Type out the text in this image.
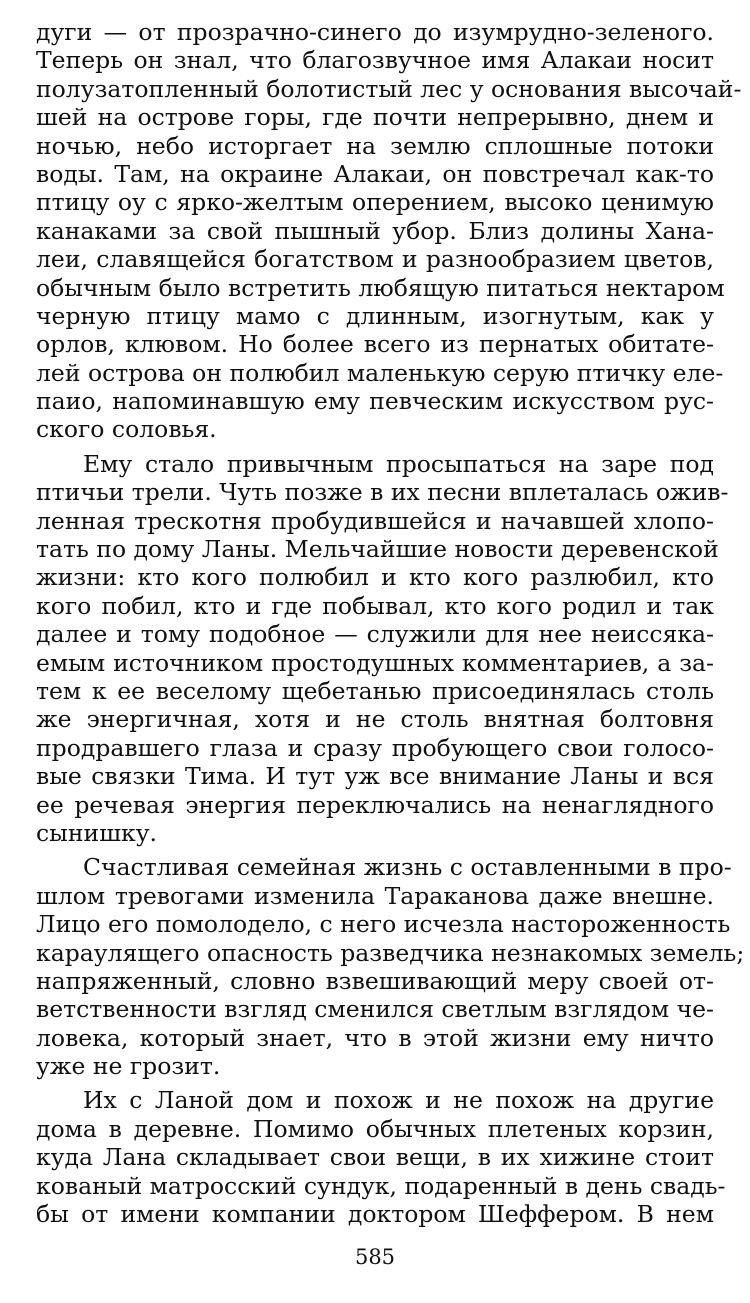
дуги — от прозрачно-синего до изумрудно-зеленого.
Теперь он знал, что благозвучное имя Алакаи носит
полузатопленный болотистый лес у основания высочай-
шей на острове горы, где почти непрерывно, днем и
ночью, небо исторгает на землю сплошные потоки
воды. Там, на окраине Алакаи, он повстречал как-то
птицу оу с ярко-желтым оперением, высоко ценимую
канаками за свой пышный убор. Близ долины Хана-
леи, славящейся богатством и разнообразием цветов,
обычным было встретить любящую питаться нектаром
черную птицу мамо с длинным, изогнутым, как у
орлов, клювом. Но более всего из пернатых обитате-
лей острова он полюбил маленькую серую птичку еле-
паио, напоминавшую ему певческим искусством рус-
ского соловья.
Ему стало привычным просыпаться на заре под
птичьи трели. Чуть позже в их песни вплеталась ожив-
ленная трескотня пробудившейся и начавшей хлопо-
тать по дому Ланы. Мельчайшие новости деревенской
жизни: кто кого полюбил и кто кого разлюбил, кто
кого побил, кто и где побывал, кто кого родил и так
далее и тому подобное — служили для нее неиссяка-
емым источником простодушных комментариев, а за-
тем к ее веселому щебетанью присоединялась столь
же энергичная, хотя и не столь внятная болтовня
продравшего глаза и сразу пробующего свои голосо-
вые связки Тима. И тут уж все внимание Ланы и вся
ее речевая энергия переключались на ненаглядного
сынишку.
Счастливая семейная жизнь с оставленными в про-
шлом тревогами изменила Тараканова даже внешне.
Лицо его помолодело, с него исчезла настороженность
караулящего опасность разведчика незнакомых земель;
напряженный, словно взвешивающий меру своей от-
ветственности взгляд сменился светлым взглядом че-
ловека, который знает, что в этой жизни ему ничто
уже не грозит.
Их с Ланой дом и похож и не похож на другие
дома в деревне. Помимо обычных плетеных корзин,
куда Лана складывает свои вещи, в их хижине стоит
кованый матросский сундук, подаренный в день свадь-
бы от имени компании доктором Шеффером. В нем
585
